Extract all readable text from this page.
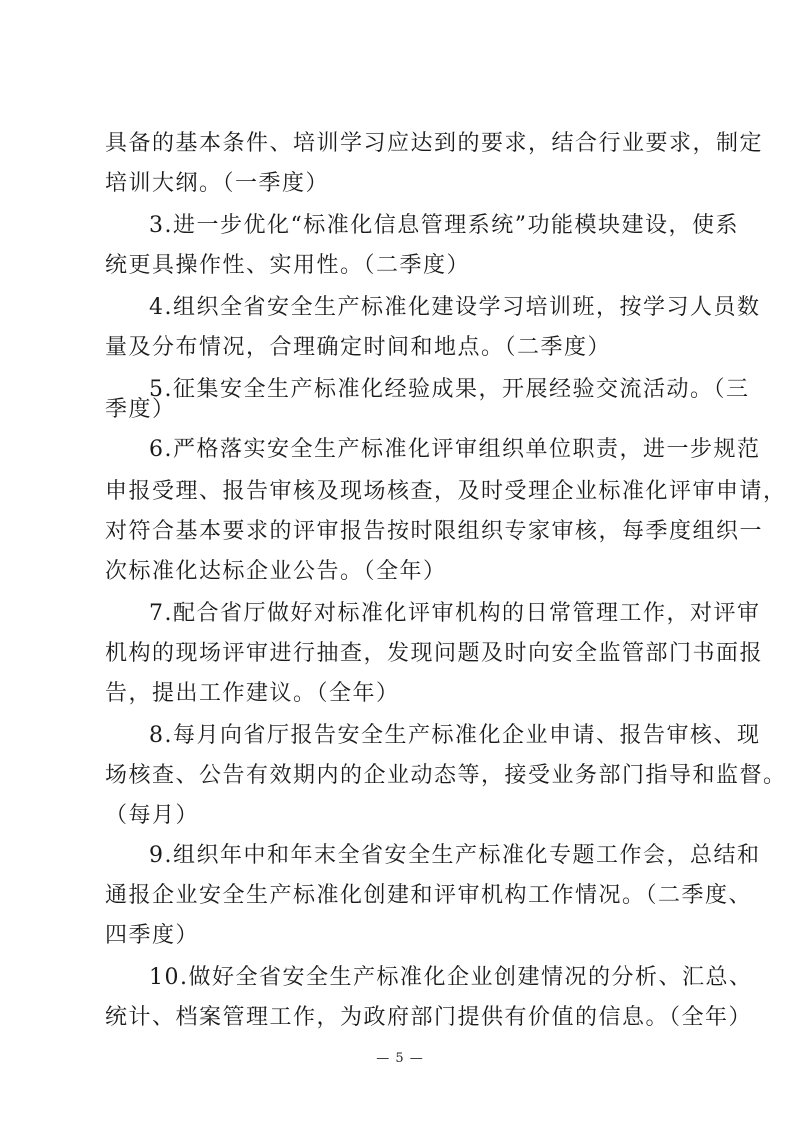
具备的基本条件、培训学习应达到的要求，结合行业要求，制定
培训大纲。（一季度）
3.进一步优化“标准化信息管理系统”功能模块建设，使系
统更具操作性、实用性。（二季度）
4.组织全省安全生产标准化建设学习培训班，按学习人员数
量及分布情况，合理确定时间和地点。（二季度）
5.征集安全生产标准化经验成果，开展经验交流活动。（三
季度）
6.严格落实安全生产标准化评审组织单位职责，进一步规范
申报受理、报告审核及现场核查，及时受理企业标准化评审申请，
对符合基本要求的评审报告按时限组织专家审核，每季度组织一
次标准化达标企业公告。（全年）
7.配合省厅做好对标准化评审机构的日常管理工作，对评审
机构的现场评审进行抽查，发现问题及时向安全监管部门书面报
告，提出工作建议。（全年）
8.每月向省厅报告安全生产标准化企业申请、报告审核、现
场核查、公告有效期内的企业动态等，接受业务部门指导和监督。
（每月）
9.组织年中和年末全省安全生产标准化专题工作会，总结和
通报企业安全生产标准化创建和评审机构工作情况。（二季度、
四季度）
10.做好全省安全生产标准化企业创建情况的分析、汇总、
统计、档案管理工作，为政府部门提供有价值的信息。（全年）
— 5 —
